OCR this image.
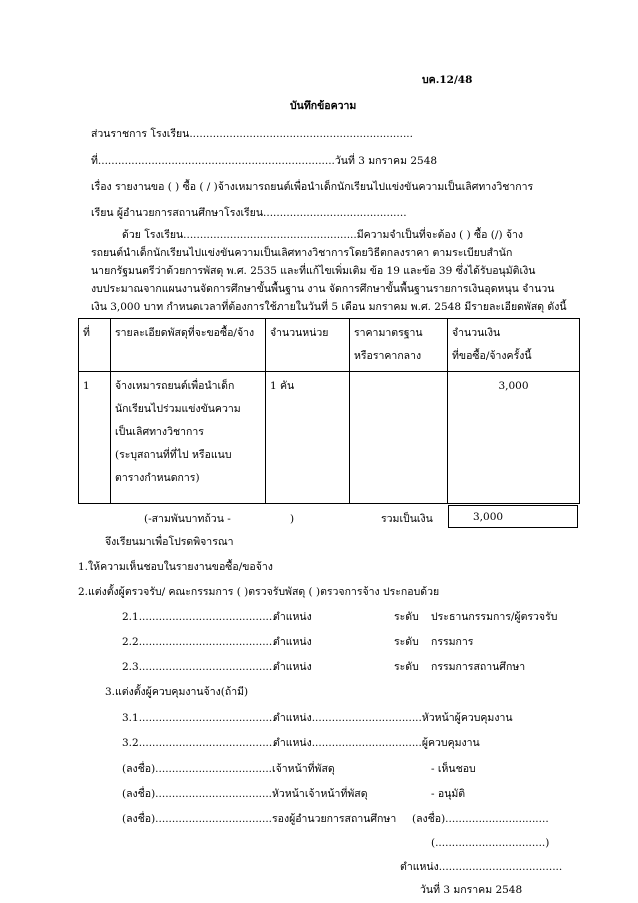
บค.12/48
บันทึกข้อความ
ส่วนราชการ โรงเรียน...................................................................
ที่.......................................................................วันที่ 3 มกราคม 2548
เรื่อง รายงานขอ ( ) ซื้อ ( / )จ้างเหมารถยนต์เพื่อนำเด็กนักเรียนไปแข่งขันความเป็นเลิศทางวิชาการ
เรียน ผู้อำนวยการสถานศึกษาโรงเรียน...........................................
ด้วย โรงเรียน....................................................มีความจำเป็นที่จะต้อง ( ) ซื้อ (/) จ้าง
รถยนต์นำเด็กนักเรียนไปแข่งขันความเป็นเลิศทางวิชาการโดยวิธีตกลงราคา ตามระเบียบสำนัก
นายกรัฐมนตรีว่าด้วยการพัสดุ พ.ศ. 2535 และที่แก้ไขเพิ่มเติม ข้อ 19 และข้อ 39 ซึ่งได้รับอนุมัติเงิน
งบประมาณจากแผนงานจัดการศึกษาขั้นพื้นฐาน งาน จัดการศึกษาขั้นพื้นฐานรายการเงินอุดหนุน จำนวน
ที่	รายละเอียดพัสดุที่จะขอซื้อ/จ้าง	จำนวนหน่วย	ราคามาตรฐาน
หรือราคากลาง	จำนวนเงิน
ที่ขอซื้อ/จ้างครั้งนี้
1	จ้างเหมารถยนต์เพื่อนำเด็ก
นักเรียนไปร่วมแข่งขันความ
เป็นเลิศทางวิชาการ
(ระบุสถานที่ที่ไป หรือแนบ
ตารางกำหนดการ)	1 คัน		3,000
(-สามพันบาทถ้วน -	)	รวมเป็นเงิน	3,000
จึงเรียนมาเพื่อโปรดพิจารณา
1.ให้ความเห็นชอบในรายงานขอซื้อ/ขอจ้าง
2.แต่งตั้งผู้ตรวจรับ/ คณะกรรมการ ( )ตรวจรับพัสดุ ( )ตรวจการจ้าง ประกอบด้วย
2.1.........................................
ตำแหน่ง	ระดับ ประธานกรรมการ/ผู้ตรวจรับ
2.2.........................................
ตำแหน่ง	ระดับ กรรมการ
2.3.........................................
ตำแหน่ง	ระดับ กรรมการสถานศึกษา
3.แต่งตั้งผู้ควบคุมงานจ้าง(ถ้ามี)
3.1.........................................
ตำแหน่ง.................................หัวหน้าผู้ควบคุมงาน
3.2.........................................
ตำแหน่ง.................................ผู้ควบคุมงาน
(ลงชื่อ)...................................เจ้าหน้าที่พัสดุ	- เห็นชอบ
(ลงชื่อ)...................................หัวหน้าเจ้าหน้าที่พัสดุ	- อนุมัติ
(ลงชื่อ)...................................รองผู้อำนวยการสถานศึกษา (ลงชื่อ)...............................
(.................................)
ตำแหน่ง.....................................
วันที่ 3 มกราคม 2548
เงิน 3,000 บาท กำหนดเวลาที่ต้องการใช้ภายในวันที่ 5 เดือน มกราคม พ.ศ. 2548 มีรายละเอียดพัสดุ ดังนี้
